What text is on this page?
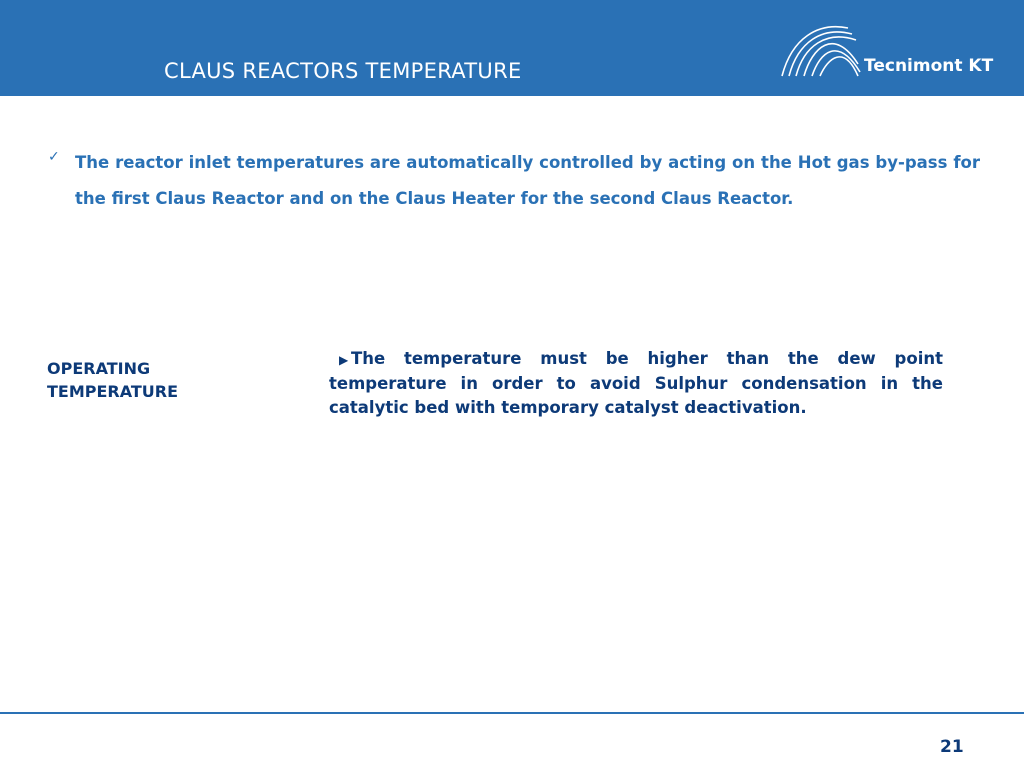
CLAUS REACTORS TEMPERATURE	Tecnimont KT
✓ The reactor inlet temperatures are automatically controlled by acting on the Hot gas by-pass for the first Claus Reactor and on the Claus Heater for the second Claus Reactor.

OPERATING TEMPERATURE

▶ The temperature must be higher than the dew point temperature in order to avoid Sulphur condensation in the catalytic bed with temporary catalyst deactivation.

21
